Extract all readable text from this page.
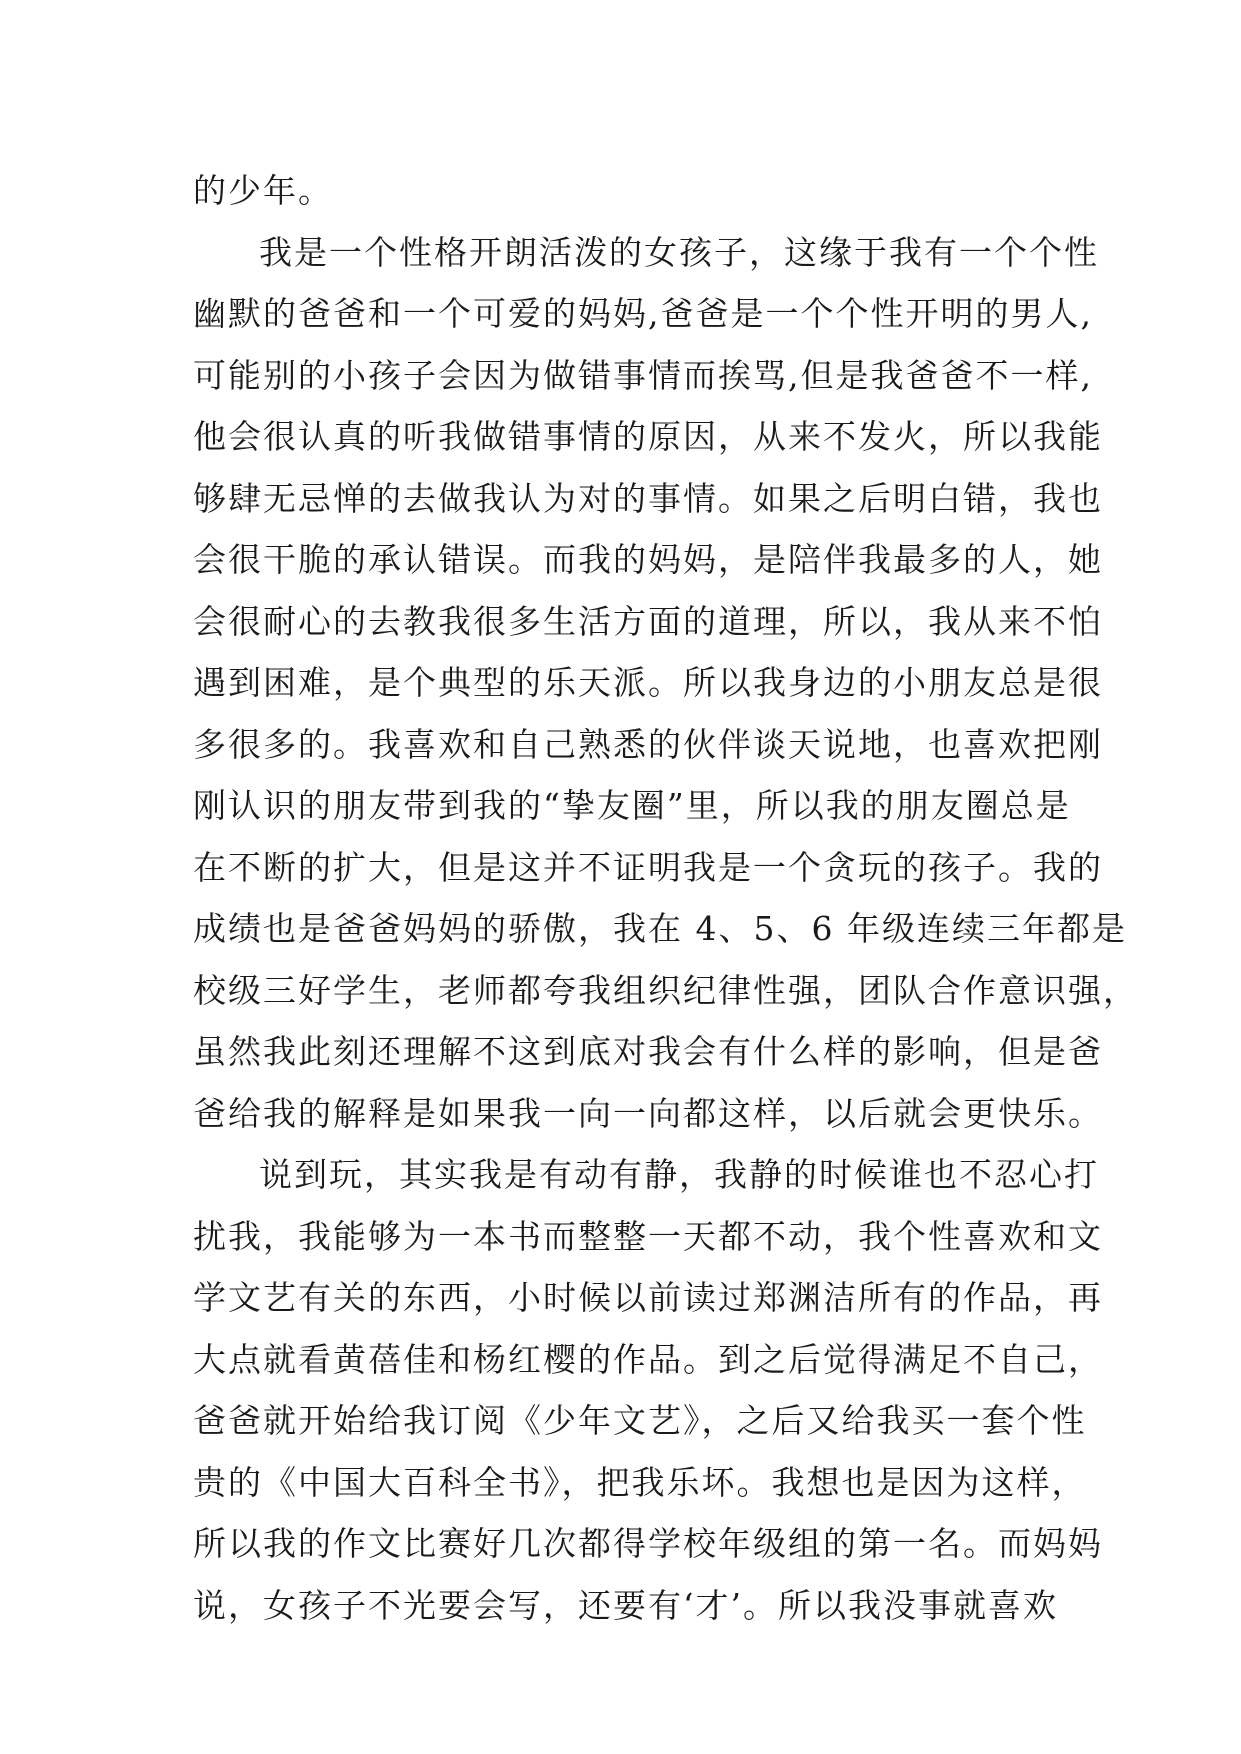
的少年。
我是一个性格开朗活泼的女孩子，这缘于我有一个个性
幽默的爸爸和一个可爱的妈妈,爸爸是一个个性开明的男人,
可能别的小孩子会因为做错事情而挨骂,但是我爸爸不一样,
他会很认真的听我做错事情的原因，从来不发火，所以我能
够肆无忌惮的去做我认为对的事情。如果之后明白错，我也
会很干脆的承认错误。而我的妈妈，是陪伴我最多的人，她
会很耐心的去教我很多生活方面的道理，所以，我从来不怕
遇到困难，是个典型的乐天派。所以我身边的小朋友总是很
多很多的。我喜欢和自己熟悉的伙伴谈天说地，也喜欢把刚
刚认识的朋友带到我的“挚友圈”里，所以我的朋友圈总是
在不断的扩大，但是这并不证明我是一个贪玩的孩子。我的
成绩也是爸爸妈妈的骄傲，我在 4、5、6 年级连续三年都是
校级三好学生，老师都夸我组织纪律性强，团队合作意识强，
虽然我此刻还理解不这到底对我会有什么样的影响，但是爸
爸给我的解释是如果我一向一向都这样，以后就会更快乐。
说到玩，其实我是有动有静，我静的时候谁也不忍心打
扰我，我能够为一本书而整整一天都不动，我个性喜欢和文
学文艺有关的东西，小时候以前读过郑渊洁所有的作品，再
大点就看黄蓓佳和杨红樱的作品。到之后觉得满足不自己，
爸爸就开始给我订阅《少年文艺》，之后又给我买一套个性
贵的《中国大百科全书》，把我乐坏。我想也是因为这样，
所以我的作文比赛好几次都得学校年级组的第一名。而妈妈
说，女孩子不光要会写，还要有‘才’。所以我没事就喜欢
